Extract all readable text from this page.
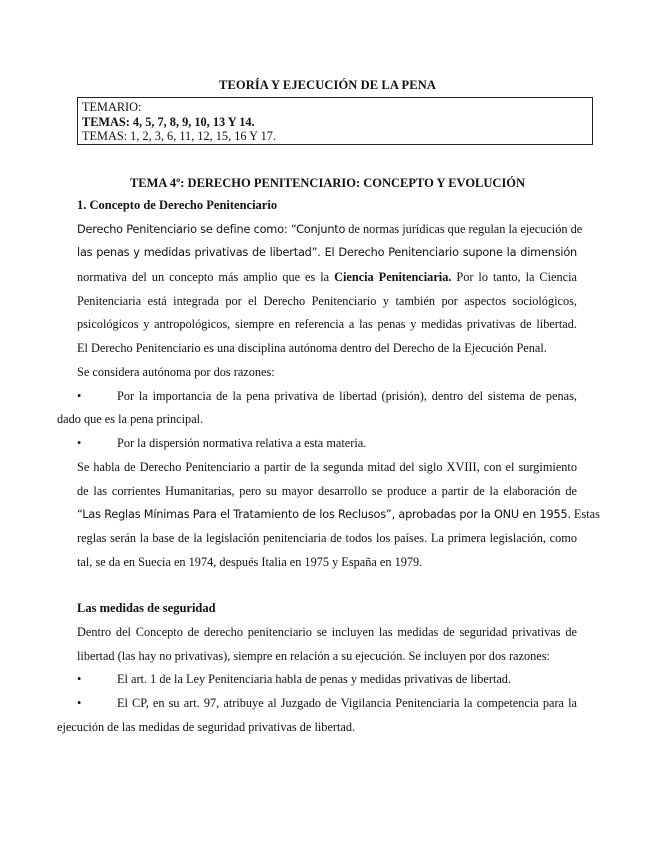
TEORÍA Y EJECUCIÓN DE LA PENA
TEMARIO:
TEMAS: 4, 5, 7, 8, 9, 10, 13 Y 14.
TEMAS: 1, 2, 3, 6, 11, 12, 15, 16 Y 17.
TEMA 4º: DERECHO PENITENCIARIO: CONCEPTO Y EVOLUCIÓN
1. Concepto de Derecho Penitenciario
Derecho Penitenciario se define como: “Conjunto de normas jurídicas que regulan la ejecución de
las penas y medidas privativas de libertad”. El Derecho Penitenciario supone la dimensión
normativa del un concepto más amplio que es la Ciencia Penitenciaria. Por lo tanto, la Ciencia
Penitenciaria está integrada por el Derecho Penitenciario y también por aspectos sociológicos,
psicológicos y antropológicos, siempre en referencia a las penas y medidas privativas de libertad.
El Derecho Penitenciario es una disciplina autónoma dentro del Derecho de la Ejecución Penal.
Se considera autónoma por dos razones:
•	Por la importancia de la pena privativa de libertad (prisión), dentro del sistema de penas,
dado que es la pena principal.
•	Por la dispersión normativa relativa a esta materia.
Se habla de Derecho Penitenciario a partir de la segunda mitad del siglo XVIII, con el surgimiento
de las corrientes Humanitarias, pero su mayor desarrollo se produce a partir de la elaboración de
“Las Reglas Mínimas Para el Tratamiento de los Reclusos”, aprobadas por la ONU en 1955. Estas
reglas serán la base de la legislación penitenciaria de todos los países. La primera legislación, como
tal, se da en Suecia en 1974, después Italia en 1975 y España en 1979.
Las medidas de seguridad
Dentro del Concepto de derecho penitenciario se incluyen las medidas de seguridad privativas de
libertad (las hay no privativas), siempre en relación a su ejecución. Se incluyen por dos razones:
•	El art. 1 de la Ley Penitenciaria habla de penas y medidas privativas de libertad.
•	El CP, en su art. 97, atribuye al Juzgado de Vigilancia Penitenciaria la competencia para la
ejecución de las medidas de seguridad privativas de libertad.
